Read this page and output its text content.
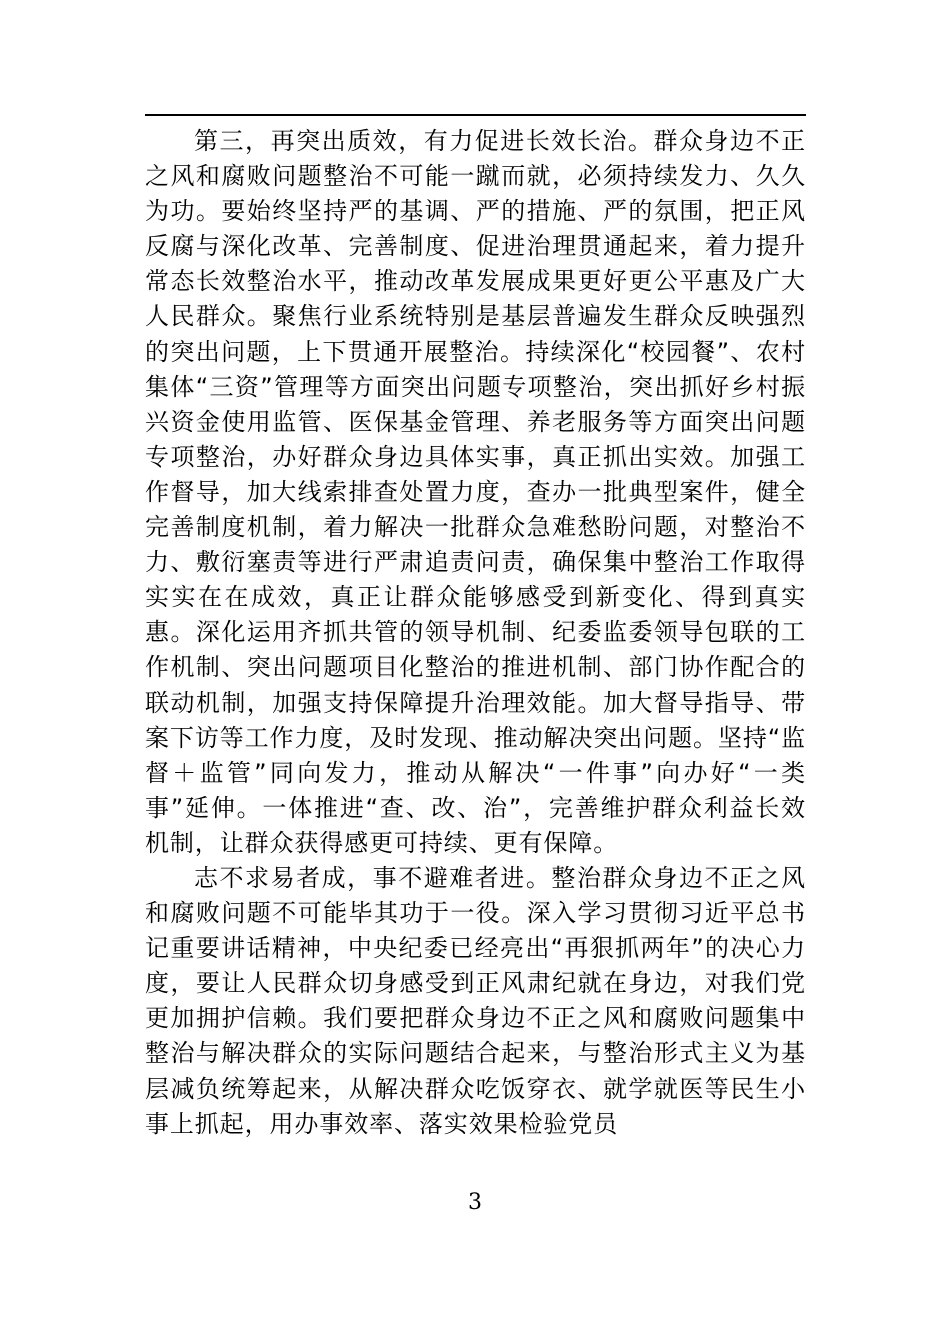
第三，再突出质效，有力促进长效长治。群众身边不正之风和腐败问题整治不可能一蹴而就，必须持续发力、久久为功。要始终坚持严的基调、严的措施、严的氛围，把正风反腐与深化改革、完善制度、促进治理贯通起来，着力提升常态长效整治水平，推动改革发展成果更好更公平惠及广大人民群众。聚焦行业系统特别是基层普遍发生群众反映强烈的突出问题，上下贯通开展整治。持续深化“校园餐”、农村集体“三资”管理等方面突出问题专项整治，突出抓好乡村振兴资金使用监管、医保基金管理、养老服务等方面突出问题专项整治，办好群众身边具体实事，真正抓出实效。加强工作督导，加大线索排查处置力度，查办一批典型案件，健全完善制度机制，着力解决一批群众急难愁盼问题，对整治不力、敷衍塞责等进行严肃追责问责，确保集中整治工作取得实实在在成效，真正让群众能够感受到新变化、得到真实惠。深化运用齐抓共管的领导机制、纪委监委领导包联的工作机制、突出问题项目化整治的推进机制、部门协作配合的联动机制，加强支持保障提升治理效能。加大督导指导、带案下访等工作力度，及时发现、推动解决突出问题。坚持“监督＋监管”同向发力，推动从解决“一件事”向办好“一类事”延伸。一体推进“查、改、治”，完善维护群众利益长效机制，让群众获得感更可持续、更有保障。

志不求易者成，事不避难者进。整治群众身边不正之风和腐败问题不可能毕其功于一役。深入学习贯彻习近平总书记重要讲话精神，中央纪委已经亮出“再狠抓两年”的决心力度，要让人民群众切身感受到正风肃纪就在身边，对我们党更加拥护信赖。我们要把群众身边不正之风和腐败问题集中整治与解决群众的实际问题结合起来，与整治形式主义为基层减负统筹起来，从解决群众吃饭穿衣、就学就医等民生小事上抓起，用办事效率、落实效果检验党员

3
